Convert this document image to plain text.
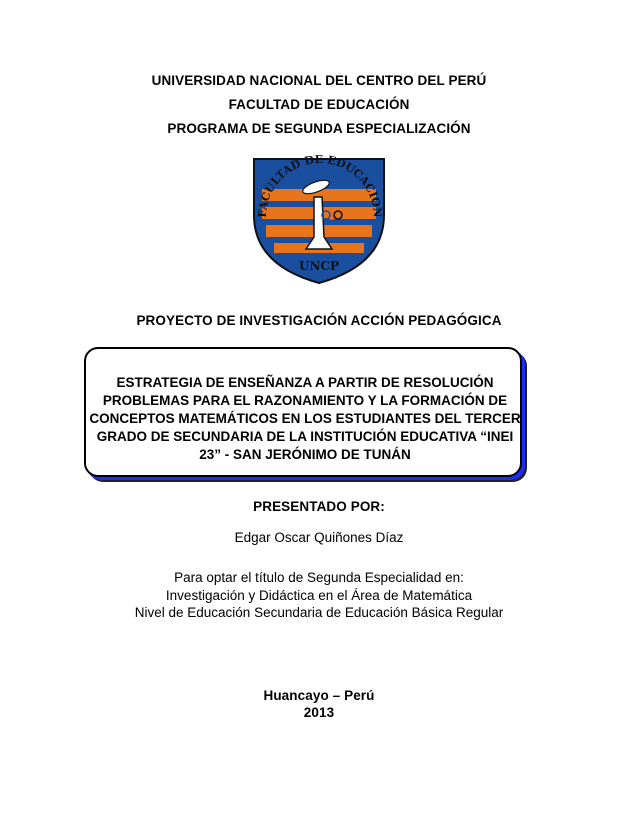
UNIVERSIDAD NACIONAL DEL CENTRO DEL PERÚ
FACULTAD DE EDUCACIÓN
PROGRAMA DE SEGUNDA ESPECIALIZACIÓN
FACULTAD DE EDUCACION
UNCP
PROYECTO DE INVESTIGACIÓN ACCIÓN PEDAGÓGICA
ESTRATEGIA DE ENSEÑANZA A PARTIR DE RESOLUCIÓN
PROBLEMAS PARA EL RAZONAMIENTO Y LA FORMACIÓN DE
CONCEPTOS MATEMÁTICOS EN LOS ESTUDIANTES DEL TERCER
GRADO DE SECUNDARIA DE LA INSTITUCIÓN EDUCATIVA “INEI
23” - SAN JERÓNIMO DE TUNÁN
PRESENTADO POR:
Edgar Oscar Quiñones Díaz
Para optar el título de Segunda Especialidad en:
Investigación y Didáctica en el Área de Matemática
Nivel de Educación Secundaria de Educación Básica Regular
Huancayo – Perú
2013
